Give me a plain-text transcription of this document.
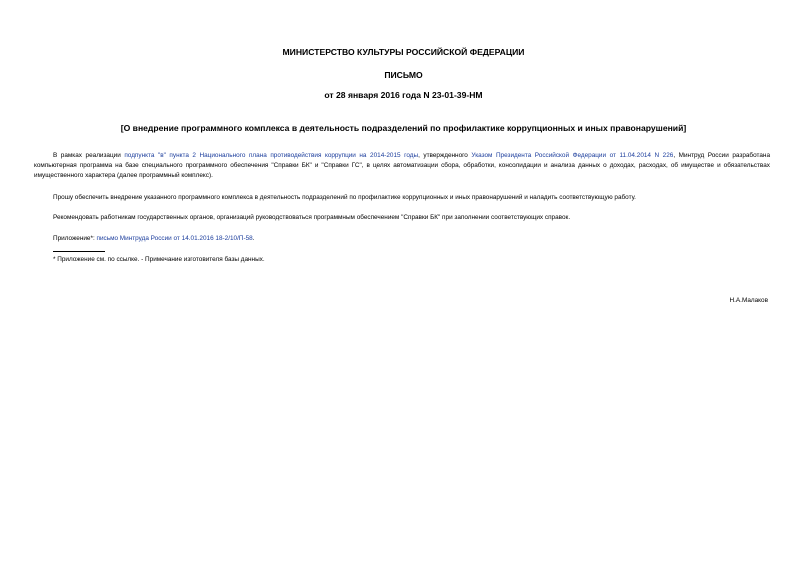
МИНИСТЕРСТВО КУЛЬТУРЫ РОССИЙСКОЙ ФЕДЕРАЦИИ
ПИСЬМО
от 28 января 2016 года N 23-01-39-НМ
[О внедрение программного комплекса в деятельность подразделений по профилактике коррупционных и иных правонарушений]
В рамках реализации подпункта "в" пункта 2 Национального плана противодействия коррупции на 2014-2015 годы, утвержденного Указом Президента Российской Федерации от 11.04.2014 N 226, Минтруд России разработана компьютерная программа на базе специального программного обеспечения "Справки БК" и "Справки ГС", в целях автоматизации сбора, обработки, консолидации и анализа данных о доходах, расходах, об имуществе и обязательствах имущественного характера (далее программный комплекс).
Прошу обеспечить внедрение указанного программного комплекса в деятельность подразделений по профилактике коррупционных и иных правонарушений и наладить соответствующую работу.
Рекомендовать работникам государственных органов, организаций руководствоваться программным обеспечением "Справки БК" при заполнении соответствующих справок.
Приложение*: письмо Минтруда России от 14.01.2016 18-2/10/П-58.
* Приложение см. по ссылке. - Примечание изготовителя базы данных.
Н.А.Малаков
